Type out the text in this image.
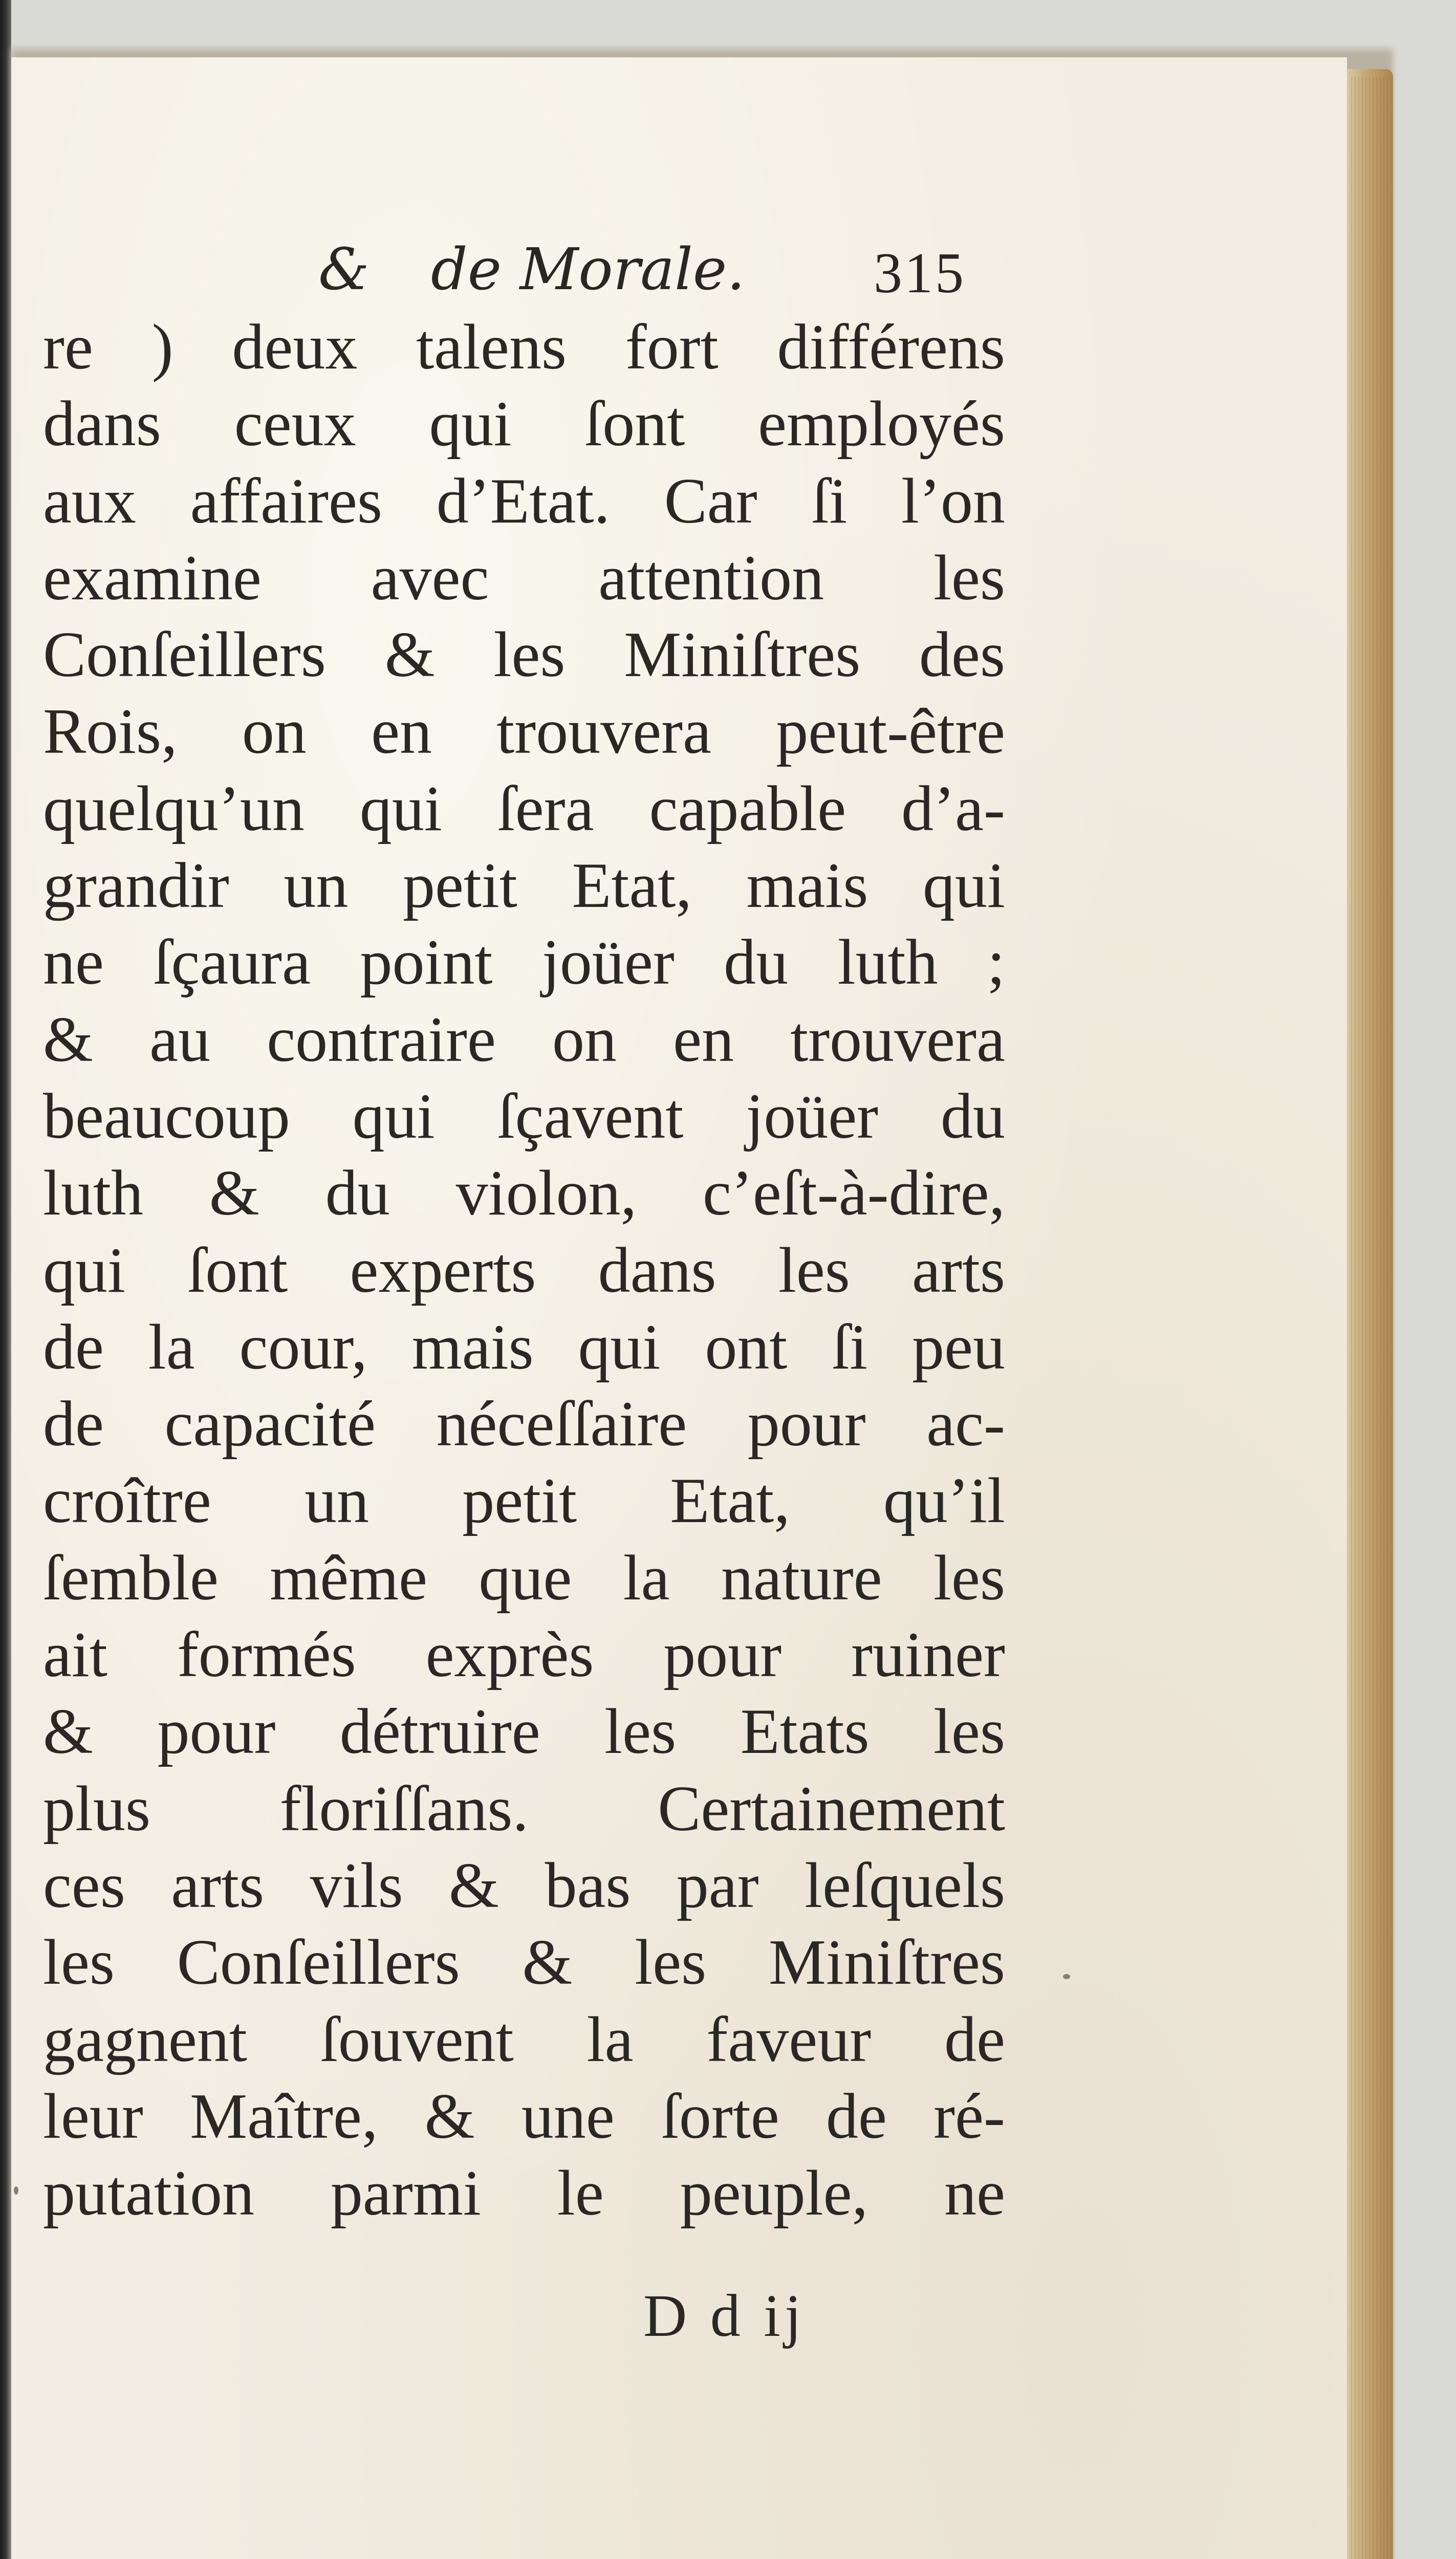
& de Morale. 315
re ) deux talens fort différens
dans ceux qui ſont employés
aux affaires d’Etat. Car ſi l’on
examine avec attention les
Conſeillers & les Miniſtres des
Rois, on en trouvera peut-être
quelqu’un qui ſera capable d’a-
grandir un petit Etat, mais qui
ne ſçaura point joüer du luth ;
& au contraire on en trouvera
beaucoup qui ſçavent joüer du
luth & du violon, c’eſt-à-dire,
qui ſont experts dans les arts
de la cour, mais qui ont ſi peu
de capacité néceſſaire pour ac-
croître un petit Etat, qu’il
ſemble même que la nature les
ait formés exprès pour ruiner
& pour détruire les Etats les
plus floriſſans. Certainement
ces arts vils & bas par leſquels
les Conſeillers & les Miniſtres
gagnent ſouvent la faveur de
leur Maître, & une ſorte de ré-
putation parmi le peuple, ne
D d ij
